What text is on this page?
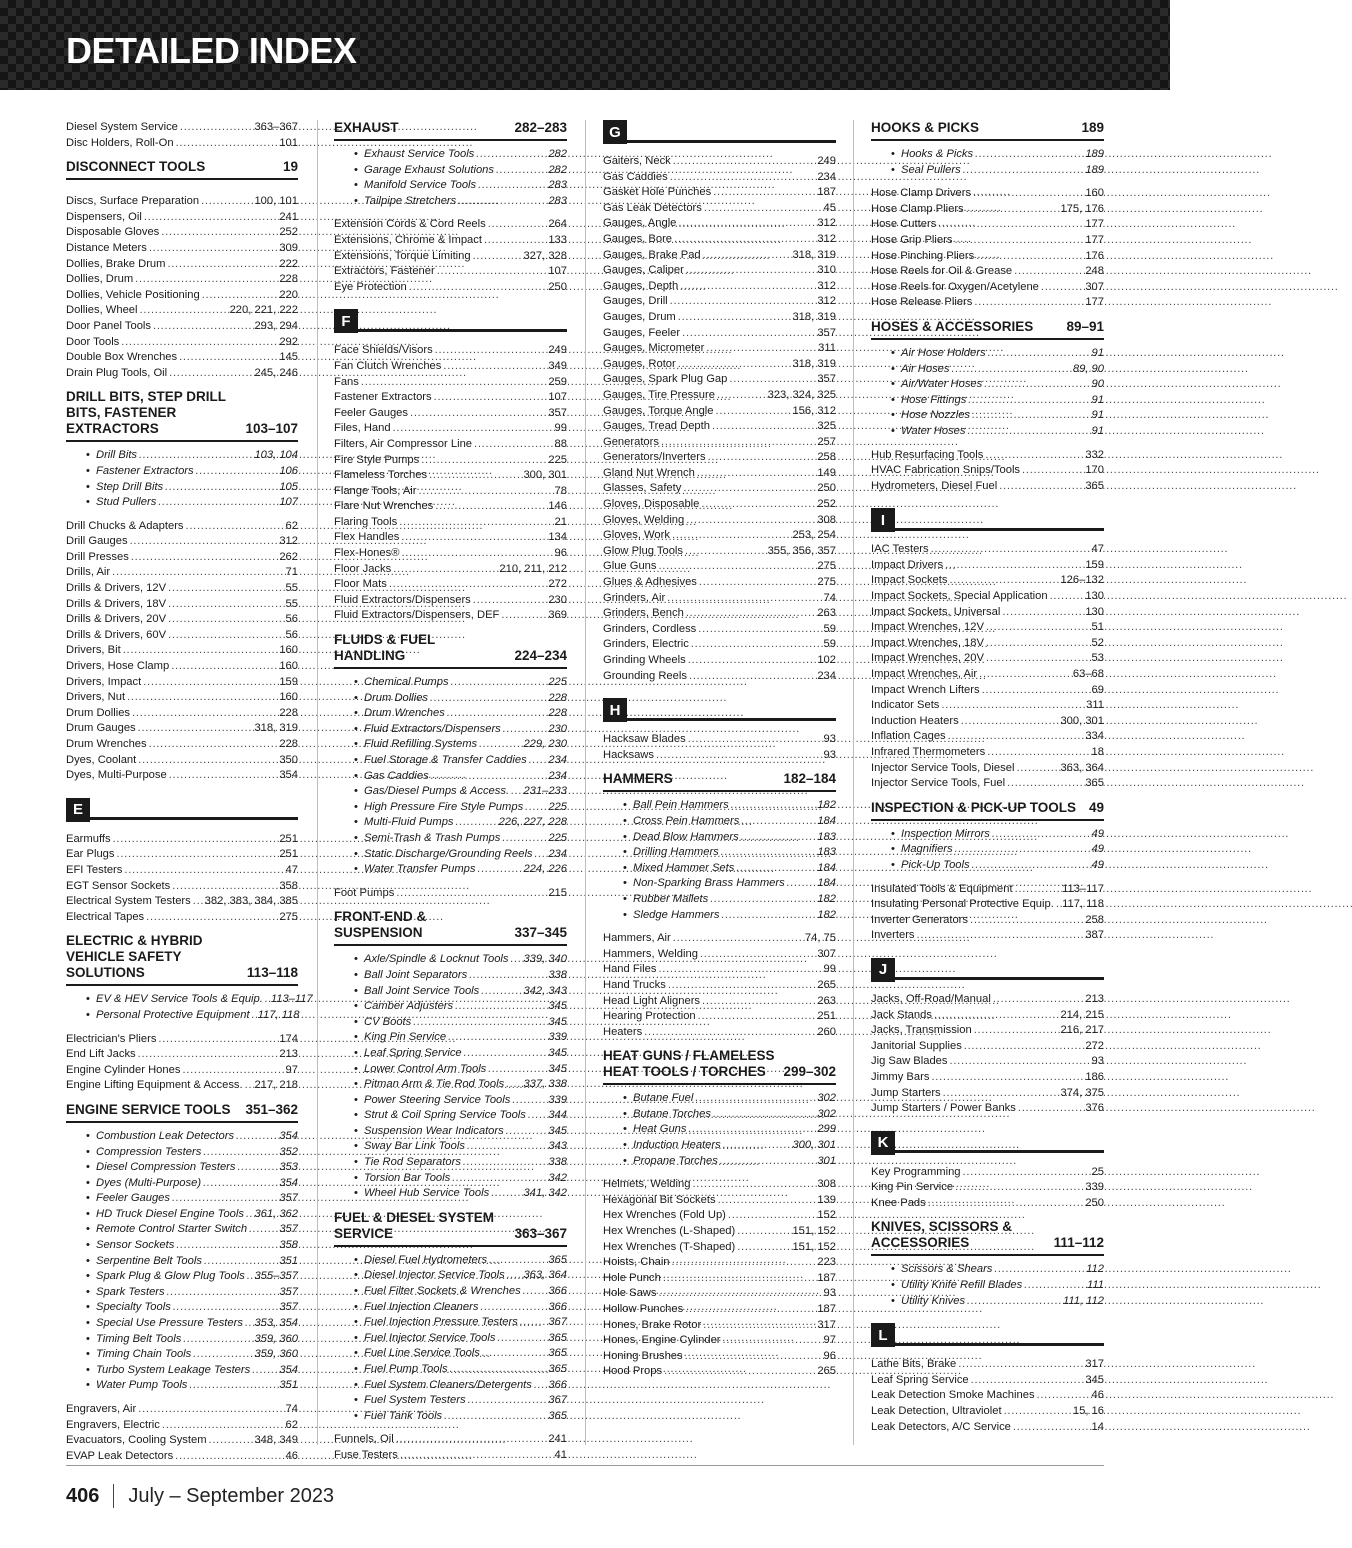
DETAILED INDEX
Diesel System Service . . .	363–367
Disc Holders, Roll-On . . .	101
DISCONNECT TOOLS	19
Discs, Surface Preparation . . .	100, 101
Dispensers, Oil . . .	241
Disposable Gloves . . .	252
Distance Meters . . .	309
Dollies, Brake Drum . . .	222
Dollies, Drum . . .	228
Dollies, Vehicle Positioning . . .	220
Dollies, Wheel . . .	220, 221, 222
Door Panel Tools . . .	293, 294
Door Tools . . .	292
Double Box Wrenches . . .	145
Drain Plug Tools, Oil . . .	245, 246
DRILL BITS, STEP DRILL BITS, FASTENER EXTRACTORS	103–107
• Drill Bits . . .	103, 104
• Fastener Extractors . . .	106
• Step Drill Bits . . .	105
• Stud Pullers . . .	107
Drill Chucks & Adapters . . .	62
Drill Gauges . . .	312
Drill Presses . . .	262
Drills, Air . . .	71
Drills & Drivers, 12V . . .	55
Drills & Drivers, 18V . . .	55
Drills & Drivers, 20V . . .	56
Drills & Drivers, 60V . . .	56
Drivers, Bit . . .	160
Drivers, Hose Clamp . . .	160
Drivers, Impact . . .	159
Drivers, Nut . . .	160
Drum Dollies . . .	228
Drum Gauges . . .	318, 319
Drum Wrenches . . .	228
Dyes, Coolant . . .	350
Dyes, Multi-Purpose . . .	354
E
Earmuffs . . .	251
Ear Plugs . . .	251
EFI Testers . . .	47
EGT Sensor Sockets . . .	358
Electrical System Testers . . . 382, 383, 384, 385
Electrical Tapes . . .	275
ELECTRIC & HYBRID VEHICLE SAFETY SOLUTIONS	113–118
• EV & HEV Service Tools & Equip. . . . 113–117
• Personal Protective Equipment . . . 117, 118
Electrician's Pliers . . .	174
End Lift Jacks . . .	213
Engine Cylinder Hones . . .	97
Engine Lifting Equipment & Access. . . . 217, 218
ENGINE SERVICE TOOLS	351–362
• Combustion Leak Detectors . . .	354
• Compression Testers . . .	352
• Diesel Compression Testers . . .	353
• Dyes (Multi-Purpose) . . .	354
• Feeler Gauges . . .	357
• HD Truck Diesel Engine Tools . . . 361, 362
• Remote Control Starter Switch . . .	357
• Sensor Sockets . . .	358
• Serpentine Belt Tools . . .	351
• Spark Plug & Glow Plug Tools . . . 355–357
• Spark Testers . . .	357
• Specialty Tools . . .	357
• Special Use Pressure Testers . . . 353, 354
• Timing Belt Tools . . .	359, 360
• Timing Chain Tools . . .	359, 360
• Turbo System Leakage Testers . . .	354
• Water Pump Tools . . .	351
Engravers, Air . . .	74
Engravers, Electric . . .	62
Evacuators, Cooling System . . .	348, 349
EVAP Leak Detectors . . .	46
EXHAUST	282–283
• Exhaust Service Tools . . .	282
• Garage Exhaust Solutions . . .	282
• Manifold Service Tools . . .	283
• Tailpipe Stretchers . . .	283
Extension Cords & Cord Reels . . .	264
Extensions, Chrome & Impact . . .	133
Extensions, Torque Limiting . . .	327, 328
Extractors, Fastener . . .	107
Eye Protection . . .	250
F
Face Shields/Visors . . .	249
Fan Clutch Wrenches . . .	349
Fans . . .	259
Fastener Extractors . . .	107
Feeler Gauges . . .	357
Files, Hand . . .	99
Filters, Air Compressor Line . . .	88
Fire Style Pumps . . .	225
Flameless Torches . . .	300, 301
Flange Tools, Air . . .	78
Flare Nut Wrenches . . .	146
Flaring Tools . . .	21
Flex Handles . . .	134
Flex-Hones® . . .	96
Floor Jacks . . .	210, 211, 212
Floor Mats . . .	272
Fluid Extractors/Dispensers . . .	230
Fluid Extractors/Dispensers, DEF . . .	369
FLUIDS & FUEL HANDLING	224–234
• Chemical Pumps . . .	225
• Drum Dollies . . .	228
• Drum Wrenches . . .	228
• Fluid Extractors/Dispensers . . .	230
• Fluid Refilling Systems . . .	229, 230
• Fuel Storage & Transfer Caddies . . . 234
• Gas Caddies . . .	234
• Gas/Diesel Pumps & Access. . . . 231–233
• High Pressure Fire Style Pumps . . . 225
• Multi-Fluid Pumps . . .	226, 227, 228
• Semi-Trash & Trash Pumps . . .	225
• Static Discharge/Grounding Reels . . . 234
• Water Transfer Pumps . . .	224, 226
Foot Pumps . . .	215
FRONT-END & SUSPENSION	337–345
• Axle/Spindle & Locknut Tools . . . 339, 340
• Ball Joint Separators . . .	338
• Ball Joint Service Tools . . .	342, 343
• Camber Adjusters . . .	345
• CV Boots . . .	345
• King Pin Service . . .	339
• Leaf Spring Service . . .	345
• Lower Control Arm Tools . . .	345
• Pitman Arm & Tie Rod Tools . . . 337, 338
• Power Steering Service Tools . . .	339
• Strut & Coil Spring Service Tools . . . 344
• Suspension Wear Indicators . . .	345
• Sway Bar Link Tools . . .	343
• Tie Rod Separators . . .	338
• Torsion Bar Tools . . .	342
• Wheel Hub Service Tools . . .	341, 342
FUEL & DIESEL SYSTEM SERVICE	363–367
• Diesel Fuel Hydrometers . . .	365
• Diesel Injector Service Tools . . . 363, 364
• Fuel Filter Sockets & Wrenches . . . 366
• Fuel Injection Cleaners . . .	366
• Fuel Injection Pressure Testers . . .	367
• Fuel Injector Service Tools . . .	365
• Fuel Line Service Tools . . .	365
• Fuel Pump Tools . . .	365
• Fuel System Cleaners/Detergents . . . 366
• Fuel System Testers . . .	367
• Fuel Tank Tools . . .	365
Funnels, Oil . . .	241
Fuse Testers . . .	41
G
Gaiters, Neck . . .	249
Gas Caddies . . .	234
Gasket Hole Punches . . .	187
Gas Leak Detectors . . .	45
Gauges, Angle . . .	312
Gauges, Bore . . .	312
Gauges, Brake Pad . . .	318, 319
Gauges, Caliper . . .	310
Gauges, Depth . . .	312
Gauges, Drill . . .	312
Gauges, Drum . . .	318, 319
Gauges, Feeler . . .	357
Gauges, Micrometer . . .	311
Gauges, Rotor . . .	318, 319
Gauges, Spark Plug Gap . . .	357
Gauges, Tire Pressure . . .	323, 324, 325
Gauges, Torque Angle . . .	156, 312
Gauges, Tread Depth . . .	325
Generators . . .	257
Generators/Inverters . . .	258
Gland Nut Wrench . . .	149
Glasses, Safety . . .	250
Gloves, Disposable . . .	252
Gloves, Welding . . .	308
Gloves, Work . . .	253, 254
Glow Plug Tools . . .	355, 356, 357
Glue Guns . . .	275
Glues & Adhesives . . .	275
Grinders, Air . . .	74
Grinders, Bench . . .	263
Grinders, Cordless . . .	59
Grinders, Electric . . .	59
Grinding Wheels . . .	102
Grounding Reels . . .	234
H
Hacksaw Blades . . .	93
Hacksaws . . .	93
HAMMERS	182–184
• Ball Pein Hammers . . .	182
• Cross Pein Hammers . . .	184
• Dead Blow Hammers . . .	183
• Drilling Hammers . . .	183
• Mixed Hammer Sets . . .	184
• Non-Sparking Brass Hammers . . .	184
• Rubber Mallets . . .	182
• Sledge Hammers . . .	182
Hammers, Air . . .	74, 75
Hammers, Welding . . .	307
Hand Files . . .	99
Hand Trucks . . .	265
Head Light Aligners . . .	263
Hearing Protection . . .	251
Heaters . . .	260
HEAT GUNS / FLAMELESS HEAT TOOLS / TORCHES	299–302
• Butane Fuel . . .	302
• Butane Torches . . .	302
• Heat Guns . . .	299
• Induction Heaters . . .	300, 301
• Propane Torches . . .	301
Helmets, Welding . . .	308
Hexagonal Bit Sockets . . .	139
Hex Wrenches (Fold Up) . . .	152
Hex Wrenches (L-Shaped) . . .	151, 152
Hex Wrenches (T-Shaped) . . .	151, 152
Hoists, Chain . . .	223
Hole Punch . . .	187
Hole Saws . . .	93
Hollow Punches . . .	187
Hones, Brake Rotor . . .	317
Hones, Engine Cylinder . . .	97
Honing Brushes . . .	96
Hood Props . . .	265
HOOKS & PICKS	189
• Hooks & Picks . . .	189
• Seal Pullers . . .	189
Hose Clamp Drivers . . .	160
Hose Clamp Pliers . . .	175, 176
Hose Cutters . . .	177
Hose Grip Pliers . . .	177
Hose Pinching Pliers . . .	176
Hose Reels for Oil & Grease . . .	248
Hose Reels for Oxygen/Acetylene . . .	307
Hose Release Pliers . . .	177
HOSES & ACCESSORIES	89–91
• Air Hose Holders . . .	91
• Air Hoses . . .	89, 90
• Air/Water Hoses . . .	90
• Hose Fittings . . .	91
• Hose Nozzles . . .	91
• Water Hoses . . .	91
Hub Resurfacing Tools . . .	332
HVAC Fabrication Snips/Tools . . .	170
Hydrometers, Diesel Fuel . . .	365
I
IAC Testers . . .	47
Impact Drivers . . .	159
Impact Sockets . . .	126–132
Impact Sockets, Special Application . . .	130
Impact Sockets, Universal . . .	130
Impact Wrenches, 12V . . .	51
Impact Wrenches, 18V . . .	52
Impact Wrenches, 20V . . .	53
Impact Wrenches, Air . . .	63–68
Impact Wrench Lifters . . .	69
Indicator Sets . . .	311
Induction Heaters . . .	300, 301
Inflation Cages . . .	334
Infrared Thermometers . . .	18
Injector Service Tools, Diesel . . .	363, 364
Injector Service Tools, Fuel . . .	365
INSPECTION & PICK-UP TOOLS 49
• Inspection Mirrors . . .	49
• Magnifiers . . .	49
• Pick-Up Tools . . .	49
Insulated Tools & Equipment . . .	113–117
Insulating Personal Protective Equip. . . . 117, 118
Inverter Generators . . .	258
Inverters . . .	387
J
Jacks, Off-Road/Manual . . .	213
Jack Stands . . .	214, 215
Jacks, Transmission . . .	216, 217
Janitorial Supplies . . .	272
Jig Saw Blades . . .	93
Jimmy Bars . . .	186
Jump Starters . . .	374, 375
Jump Starters / Power Banks . . .	376
K
Key Programming . . .	25
King Pin Service . . .	339
Knee Pads . . .	250
KNIVES, SCISSORS & ACCESSORIES	111–112
• Scissors & Shears . . .	112
• Utility Knife Refill Blades . . .	111
• Utility Knives . . .	111, 112
L
Lathe Bits, Brake . . .	317
Leaf Spring Service . . .	345
Leak Detection Smoke Machines . . .	46
Leak Detection, Ultraviolet . . .	15, 16
Leak Detectors, A/C Service . . .	14
406 July – September 2023
